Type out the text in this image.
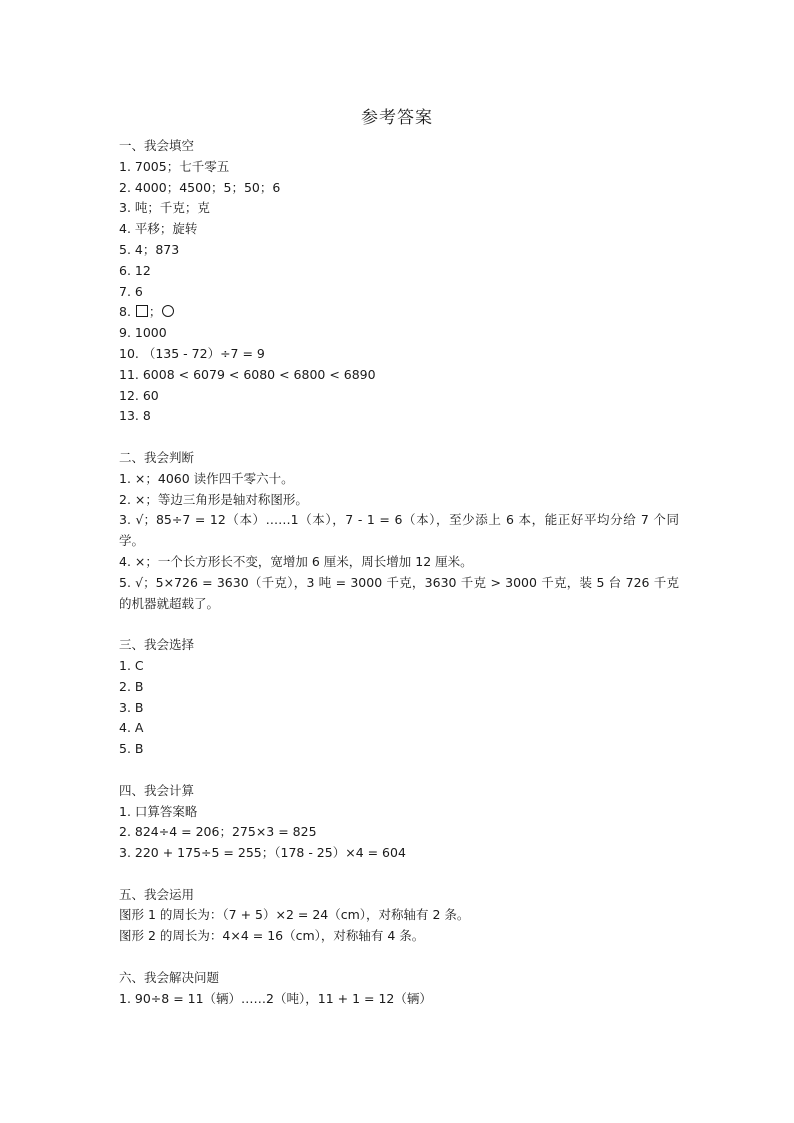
参考答案
一、我会填空
1. 7005；七千零五
2. 4000；4500；5；50；6
3. 吨；千克；克
4. 平移；旋转
5. 4；873
6. 12
7. 6
8. ；
9. 1000
10. （135 - 72）÷7 = 9
11. 6008 < 6079 < 6080 < 6800 < 6890
12. 60
13. 8
二、我会判断
1. ×；4060 读作四千零六十。
2. ×；等边三角形是轴对称图形。
3. √；85÷7 = 12（本）……1（本），7 - 1 = 6（本），至少添上 6 本，能正好平均分给 7 个同学。
4. ×；一个长方形长不变，宽增加 6 厘米，周长增加 12 厘米。
5. √；5×726 = 3630（千克），3 吨 = 3000 千克，3630 千克 > 3000 千克，装 5 台 726 千克的机器就超载了。
三、我会选择
1. C
2. B
3. B
4. A
5. B
四、我会计算
1. 口算答案略
2. 824÷4 = 206；275×3 = 825
3. 220 + 175÷5 = 255；（178 - 25）×4 = 604
五、我会运用
图形 1 的周长为：（7 + 5）×2 = 24（cm），对称轴有 2 条。
图形 2 的周长为：4×4 = 16（cm），对称轴有 4 条。
六、我会解决问题
1. 90÷8 = 11（辆）……2（吨），11 + 1 = 12（辆）
